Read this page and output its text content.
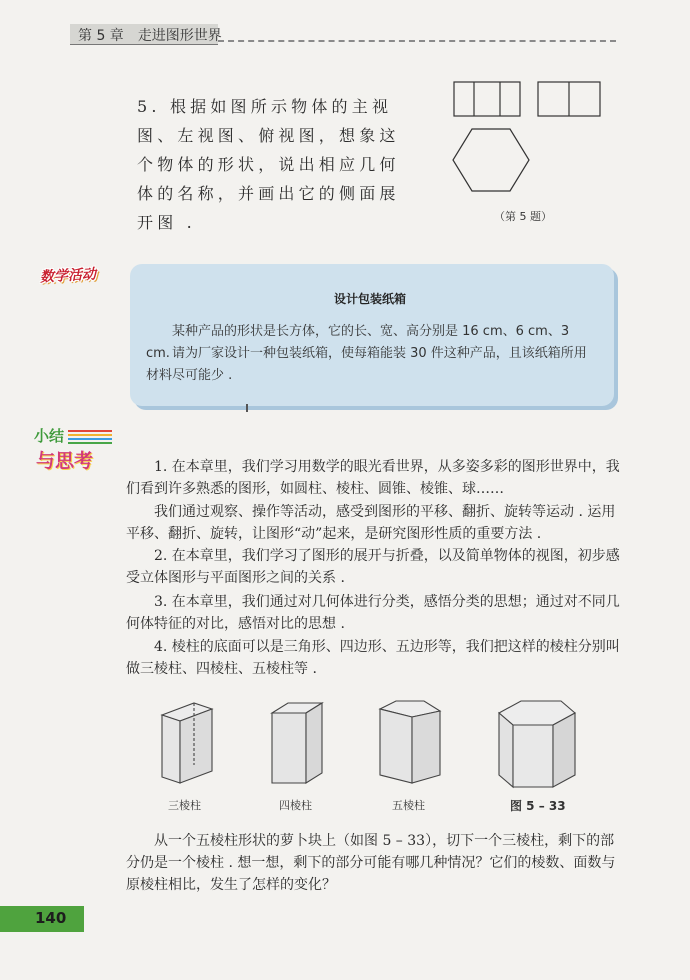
第 5 章 走进图形世界
5. 根据如图所示物体的主视图、左视图、俯视图，想象这个物体的形状，说出相应几何体的名称，并画出它的侧面展开图 .	（第 5 题）
数学活动
设计包装纸箱
某种产品的形状是长方体，它的长、宽、高分别是 16 cm、6 cm、3 cm. 请为厂家设计一种包装纸箱，使每箱能装 30 件这种产品，且该纸箱所用材料尽可能少 .
小结
与思考	1. 在本章里，我们学习用数学的眼光看世界，从多姿多彩的图形世界中，我们看到许多熟悉的图形，如圆柱、棱柱、圆锥、棱锥、球……
我们通过观察、操作等活动，感受到图形的平移、翻折、旋转等运动 . 运用平移、翻折、旋转，让图形“动”起来，是研究图形性质的重要方法 .
2. 在本章里，我们学习了图形的展开与折叠，以及简单物体的视图，初步感受立体图形与平面图形之间的关系 .
3. 在本章里，我们通过对几何体进行分类，感悟分类的思想；通过对不同几何体特征的对比，感悟对比的思想 .
4. 棱柱的底面可以是三角形、四边形、五边形等，我们把这样的棱柱分别叫做三棱柱、四棱柱、五棱柱等 .
三棱柱	四棱柱	五棱柱	图 5 – 33
从一个五棱柱形状的萝卜块上（如图 5 – 33），切下一个三棱柱，剩下的部分仍是一个棱柱 . 想一想，剩下的部分可能有哪几种情况？它们的棱数、面数与原棱柱相比，发生了怎样的变化？
140
